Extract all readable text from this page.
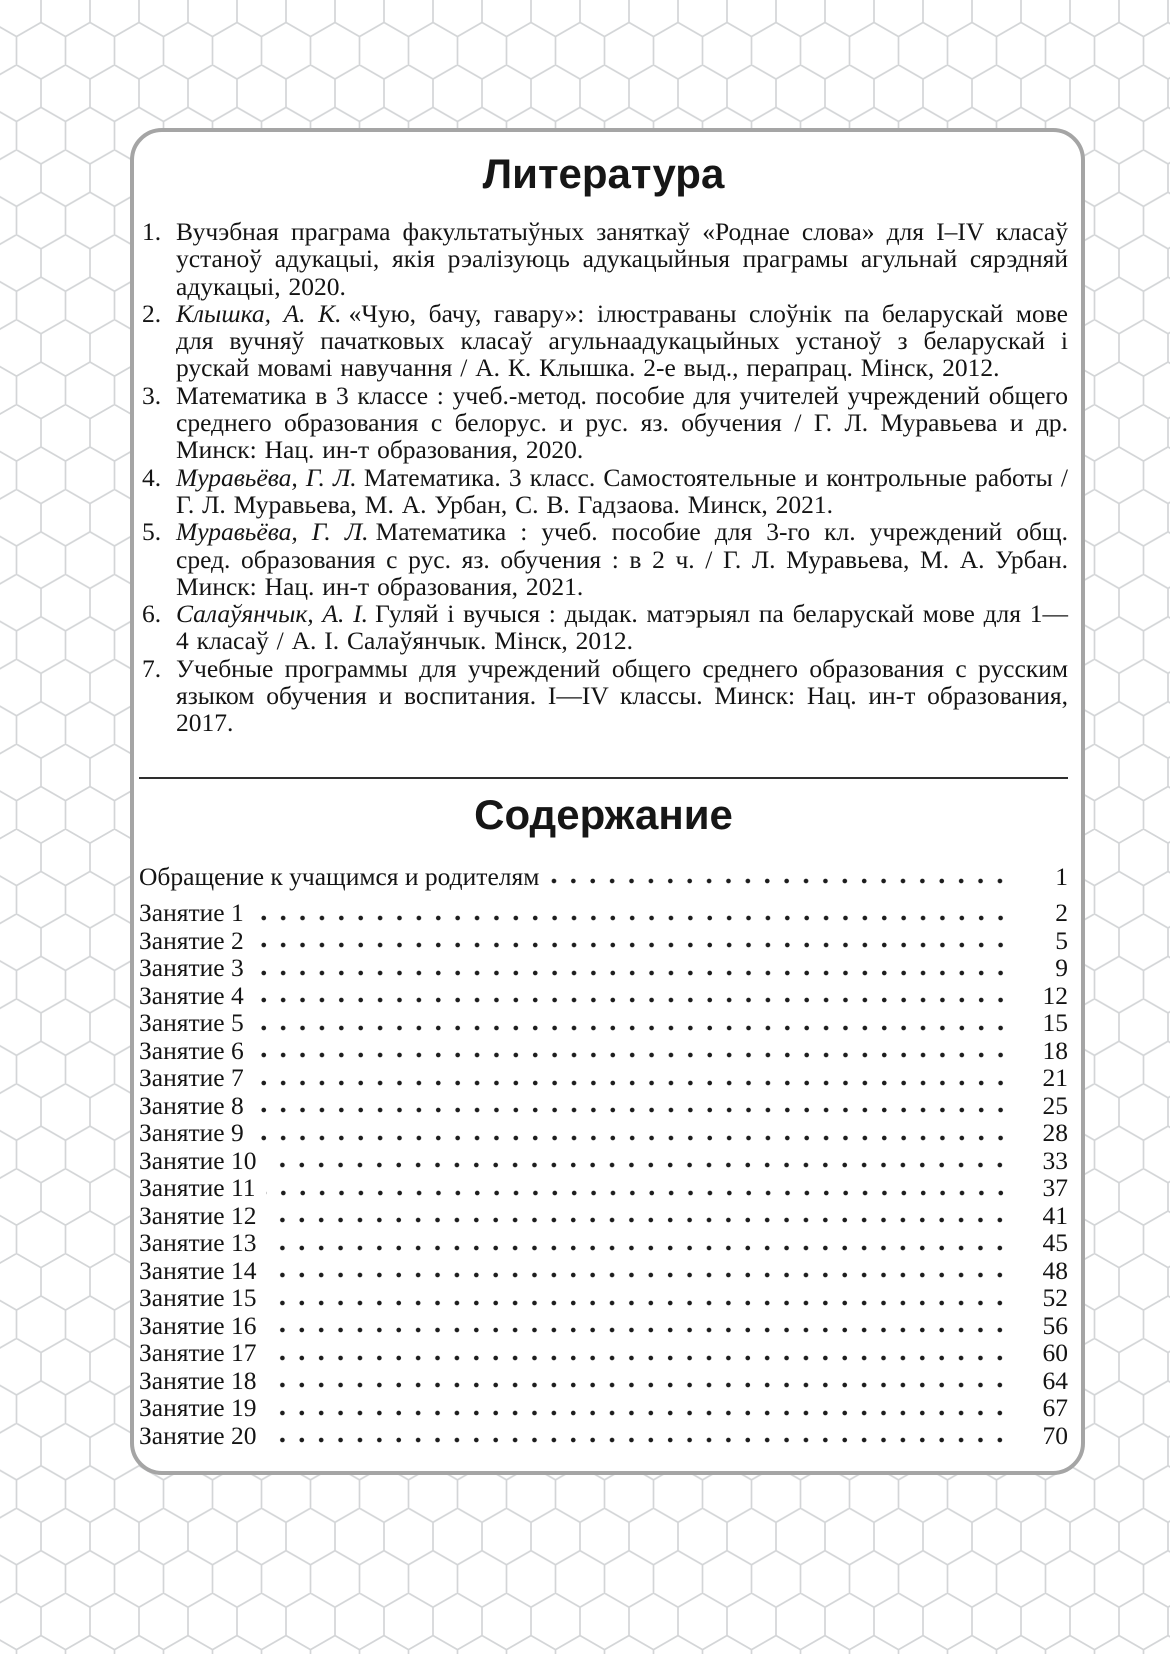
Литература
1. Вучэбная праграма факультатыўных заняткаў «Роднае слова» для I–IV класаў устаноў адукацыі, якія рэалізуюць адукацыйныя праграмы агульнай сярэдняй адукацыі, 2020.
2. Клышка, А. К. «Чую, бачу, гавару»: ілюстраваны слоўнік па беларускай мове для вучняў пачатковых класаў агульнаадукацыйных устаноў з беларускай і рускай мовамі навучання / А. К. Клышка. 2-е выд., перапрац. Мінск, 2012.
3. Математика в 3 классе : учеб.-метод. пособие для учителей учреждений общего среднего образования с белорус. и рус. яз. обучения / Г. Л. Муравьева и др. Минск: Нац. ин-т образования, 2020.
4. Муравьёва, Г. Л. Математика. 3 класс. Самостоятельные и контрольные работы / Г. Л. Муравьева, М. А. Урбан, С. В. Гадзаова. Минск, 2021.
5. Муравьёва, Г. Л. Математика : учеб. пособие для 3-го кл. учреждений общ. сред. образования с рус. яз. обучения : в 2 ч. / Г. Л. Муравьева, М. А. Урбан. Минск: Нац. ин-т образования, 2021.
6. Салаўянчык, А. І. Гуляй і вучыся : дыдак. матэрыял па беларускай мове для 1—4 класаў / А. І. Салаўянчык. Мінск, 2012.
7. Учебные программы для учреждений общего среднего образования с русским языком обучения и воспитания. I—IV классы. Минск: Нац. ин-т образования, 2017.
Содержание
Обращение к учащимся и родителям	1
Занятие 1	2
Занятие 2	5
Занятие 3	9
Занятие 4	12
Занятие 5	15
Занятие 6	18
Занятие 7	21
Занятие 8	25
Занятие 9	28
Занятие 10	33
Занятие 11	37
Занятие 12	41
Занятие 13	45
Занятие 14	48
Занятие 15	52
Занятие 16	56
Занятие 17	60
Занятие 18	64
Занятие 19	67
Занятие 20	70
